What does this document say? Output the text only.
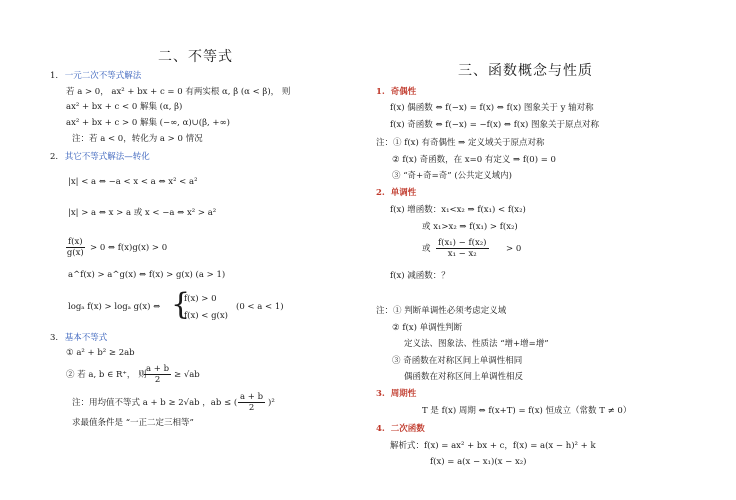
二、不等式
1. 一元二次不等式解法
若 a > 0， ax² + bx + c = 0 有两实根 α, β (α < β)， 则
ax² + bx + c < 0 解集 (α, β)
ax² + bx + c > 0 解集 (−∞, α)∪(β, +∞)
注：若 a < 0，转化为 a > 0 情况
2. 其它不等式解法—转化
|x| < a ⇔ −a < x < a ⇔ x² < a²
|x| > a ⇔ x > a 或 x < −a ⇔ x² > a²
$\frac{f(x)}{g(x)} > 0$ ⇔ f(x)g(x) > 0
a^f(x) > a^g(x) ⇔ f(x) > g(x) (a > 1)
logₐ f(x) > logₐ g(x) ⇔ {
f(x) > 0
f(x) < g(x)
(0 < a < 1)
3. 基本不等式
① a² + b² ≥ 2ab
② 若 a, b ∈ R⁺， 则
$\frac{a + b}{2} \ge √ab$
注：用均值不等式 a + b ≥ 2√ab ，ab ≤ ( $\frac{a + b}{2} )^2$
求最值条件是 “一正二定三相等”
三、函数概念与性质
1. 奇偶性
f(x) 偶函数 ⇔ f(−x) = f(x) ⇔ f(x) 图象关于 y 轴对称
f(x) 奇函数 ⇔ f(−x) = −f(x) ⇔ f(x) 图象关于原点对称
注：① f(x) 有奇偶性 ⇒ 定义域关于原点对称
② f(x) 奇函数，在 x=0 有定义 ⇒ f(0) = 0
③ “奇+奇=奇” (公共定义域内)
2. 单调性
f(x) 增函数：x₁<x₂ ⇒ f(x₁) < f(x₂)
或 x₁>x₂ ⇒ f(x₁) > f(x₂)
或 $\frac{\text{f(x₁) − f(x₂)}}{\text{x₁ − x₂}} > 0$
f(x) 减函数：？
注：① 判断单调性必须考虑定义域
② f(x) 单调性判断
定义法、图象法、性质法 “增+增=增”
③ 奇函数在对称区间上单调性相同
偶函数在对称区间上单调性相反
3. 周期性
T 是 f(x) 周期 ⇔ f(x+T) = f(x) 恒成立（常数 T ≠ 0）
4. 二次函数
解析式：f(x) = ax² + bx + c，f(x) = a(x − h)² + k
f(x) = a(x − x₁)(x − x₂)
